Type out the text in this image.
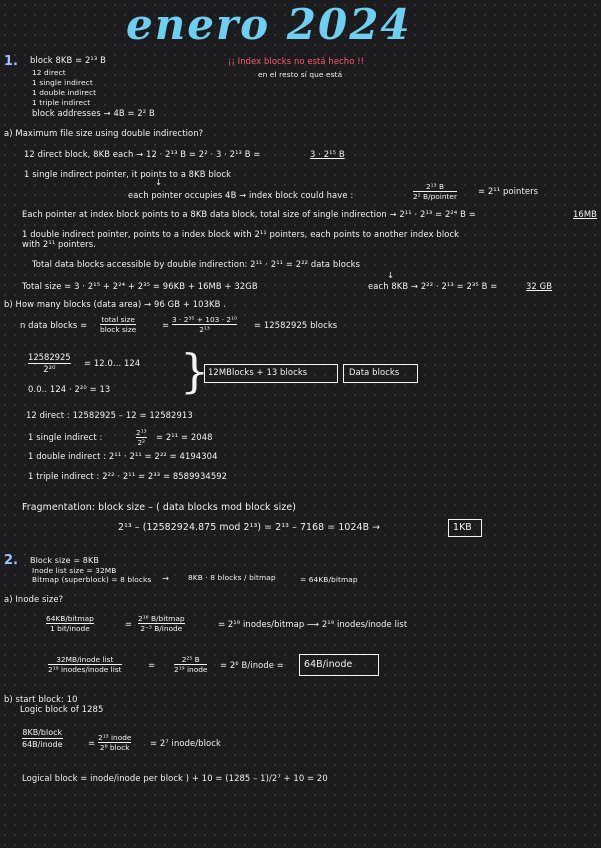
enero 2024
1. block 8KB = 2¹³ B
12 direct
1 single indirect
1 double indirect
1 triple indirect
block addresses → 4B = 2² B
¡¡ Index blocks no está hecho !!
en el resto sí que está
a) Maximum file size using double indirection?
12 direct block, 8KB each → 12 · 2¹³ B = 2² · 3 · 2¹³ B =	3 · 2¹⁵ B
1 single indirect pointer, it points to a 8KB block
↓
each pointer occupies 4B → index block could have :
2¹³ B
2² B/pointer
= 2¹¹ pointers
Each pointer at index block points to a 8KB data block, total size of single indirection → 2¹¹ · 2¹³ = 2²⁴ B =	16MB
1 double indirect pointer, points to a index block with 2¹¹ pointers, each points to another index block
with 2¹¹ pointers.
Total data blocks accessible by double indirection: 2¹¹ · 2¹¹ = 2²² data blocks
Total size = 3 · 2¹⁵ + 2²⁴ + 2³⁵ = 96KB + 16MB + 32GB
↓
each 8KB → 2²² · 2¹³ = 2³⁵ B =	32 GB
b) How many blocks (data area) → 96 GB + 103KB .
n data blocks =
total size
block size	=
3 · 2³⁵ + 103 · 2¹⁰
2¹³	= 12582925 blocks
12582925
2²⁰
= 12.0... 124
0.0.. 124 · 2²⁰ = 13 }
12MBlocks + 13 blocks	Data blocks
12 direct : 12582925 – 12 = 12582913
1 single indirect :	2¹³
2²
= 2¹¹ = 2048
1 double indirect : 2¹¹ · 2¹¹ = 2²² = 4194304
1 triple indirect : 2²² · 2¹¹ = 2³³ = 8589934592
Fragmentation: block size – ( data blocks mod block size)
2¹³ – (12582924.875 mod 2¹³) = 2¹³ – 7168 = 1024B →	1KB
2. Block size = 8KB
Inode list size = 32MB
Bitmap (superblock) = 8 blocks →	8KB · 8 blocks / bitmap	= 64KB/bitmap
a) Inode size?
64KB/bitmap
1 bit/inode	=
2¹⁶ B/bitmap
2⁻³ B/inode	= 2¹⁹ inodes/bitmap ⟶ 2¹⁹ inodes/inode list
32MB/inode list
2¹⁹ inodes/inode list	=
2²⁵ B
2¹⁹ inode = 2⁶ B/inode = 64B/inode
b) start block: 10
Logic block of 1285
8KB/block
64B/inode	=
2¹³ inode
2⁶ block = 2⁷ inode/block
Logical block = inode/inode per block ) + 10 = (1285 – 1)/2⁷ + 10 = 20
